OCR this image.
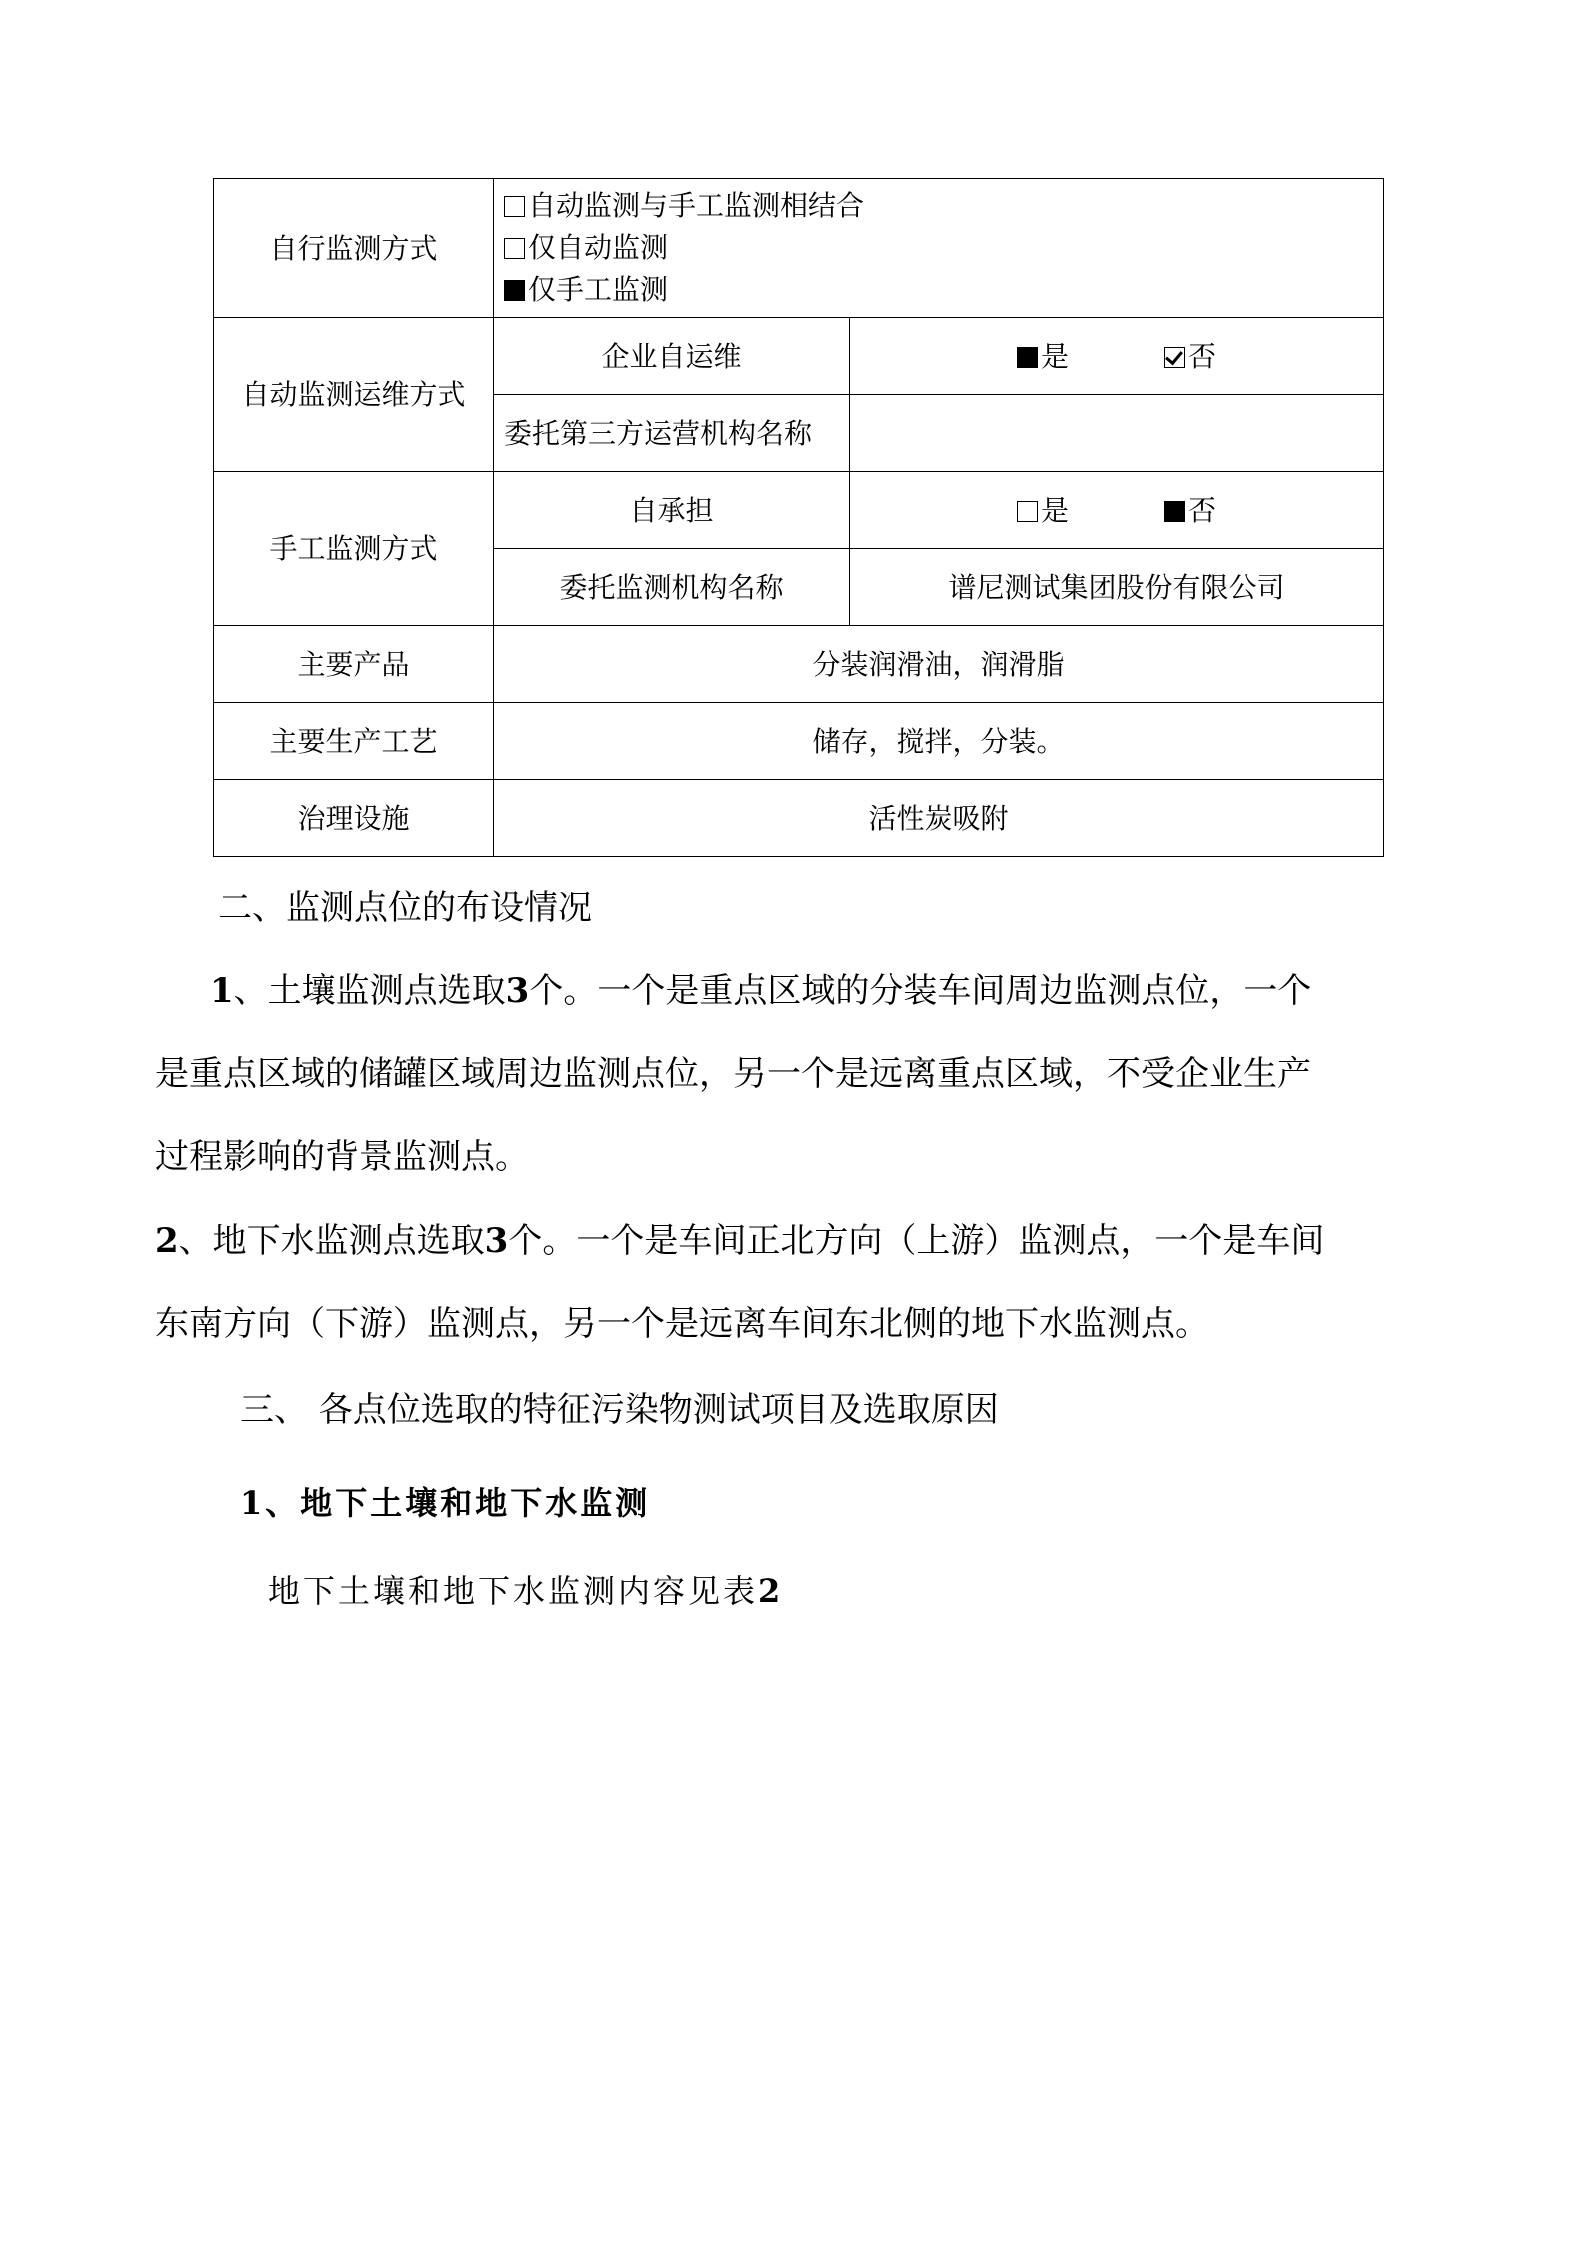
自行监测方式	自动监测与手工监测相结合
仅自动监测
仅手工监测	

自动监测运维方式	企业自运维	是 否
	委托第三方运营机构名称	
手工监测方式	自承担	是 否
	委托监测机构名称	谱尼测试集团股份有限公司
主要产品	分装润滑油，润滑脂	
主要生产工艺	储存，搅拌，分装。	
治理设施	活性炭吸附	

二、监测点位的布设情况

1、土壤监测点选取3个。一个是重点区域的分装车间周边监测点位，一个

是重点区域的储罐区域周边监测点位，另一个是远离重点区域，不受企业生产

过程影响的背景监测点。

2、地下水监测点选取3个。一个是车间正北方向（上游）监测点，一个是车间

东南方向（下游）监测点，另一个是远离车间东北侧的地下水监测点。

三、 各点位选取的特征污染物测试项目及选取原因

1、地下土壤和地下水监测

地下土壤和地下水监测内容见表2
